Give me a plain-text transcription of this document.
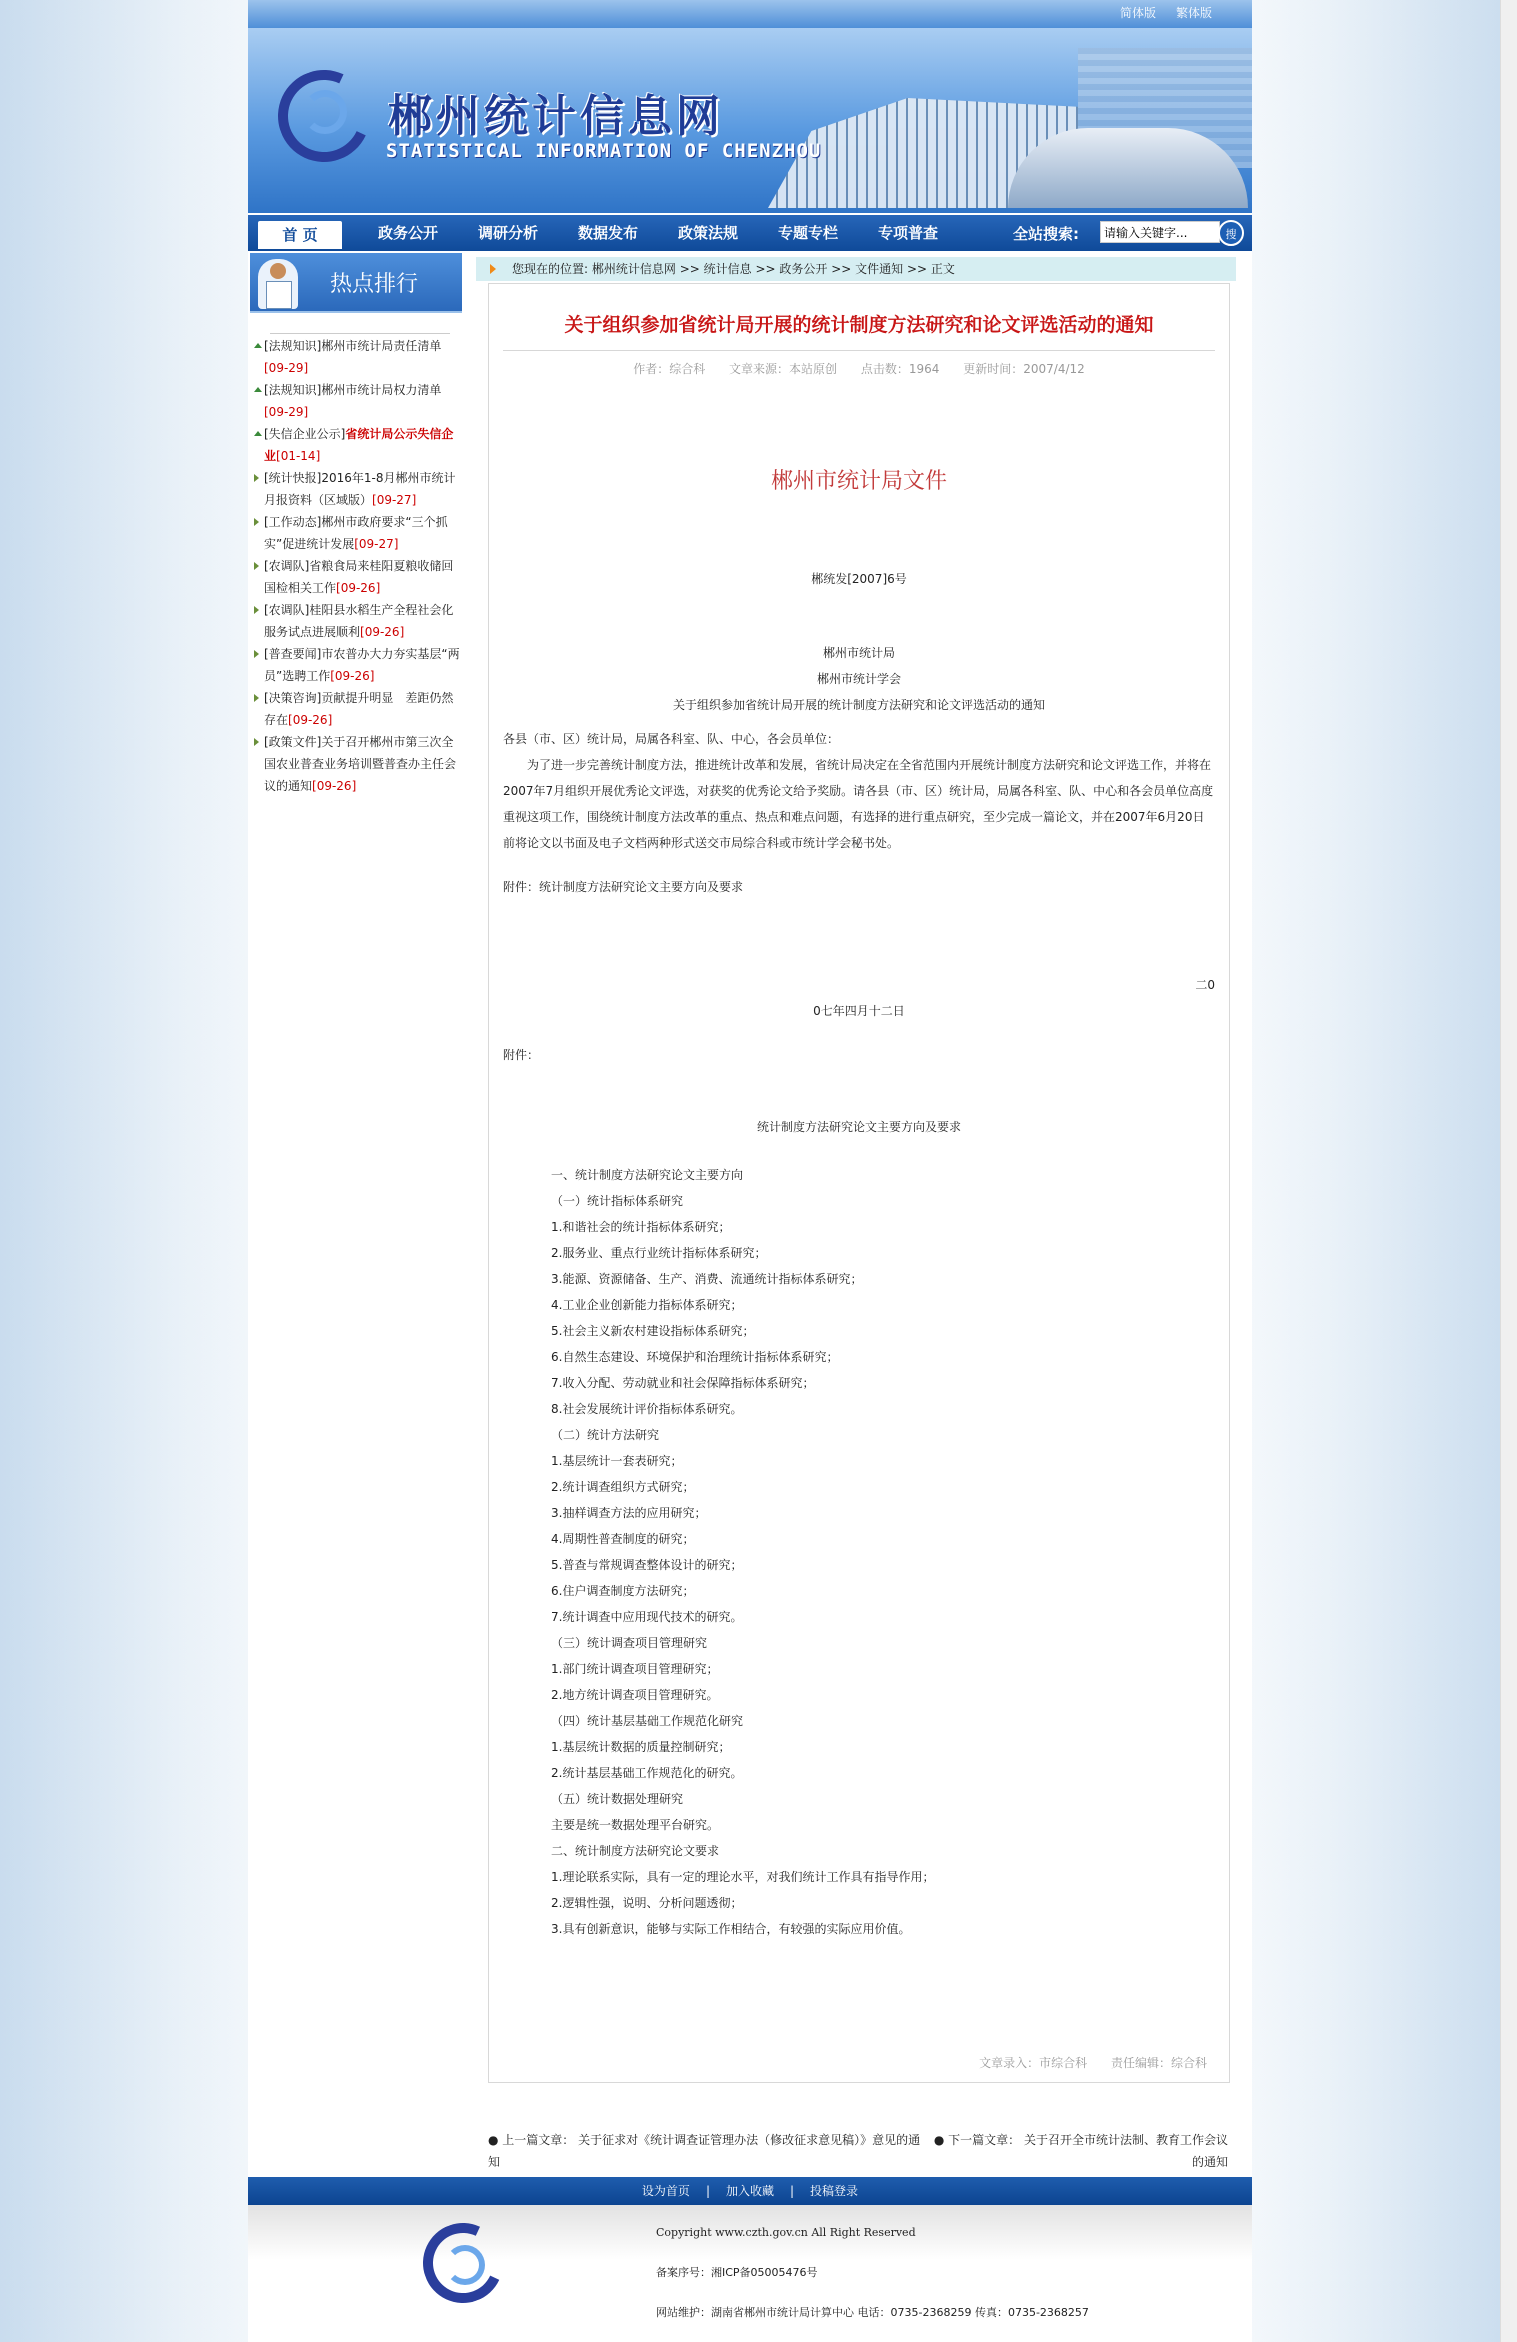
简体版 繁体版
郴州统计信息网
STATISTICAL INFORMATION OF CHENZHOU
首 页	政务公开	调研分析	数据发布	政策法规	专题专栏	专项普查	全站搜索:
请输入关键字...	搜
热点排行
[法规知识]郴州市统计局责任清单[09-29]
[法规知识]郴州市统计局权力清单[09-29]
[失信企业公示]省统计局公示失信企业[01-14]
[统计快报]2016年1-8月郴州市统计月报资料（区域版）[09-27]
[工作动态]郴州市政府要求“三个抓实”促进统计发展[09-27]
[农调队]省粮食局来桂阳夏粮收储回国检相关工作[09-26]
[农调队]桂阳县水稻生产全程社会化服务试点进展顺利[09-26]
[普查要闻]市农普办大力夯实基层“两员”选聘工作[09-26]
[决策咨询]贡献提升明显　差距仍然存在[09-26]
[政策文件]关于召开郴州市第三次全国农业普查业务培训暨普查办主任会议的通知[09-26]
您现在的位置: 郴州统计信息网 >> 统计信息 >> 政务公开 >> 文件通知 >> 正文
关于组织参加省统计局开展的统计制度方法研究和论文评选活动的通知
作者：综合科 文章来源：本站原创 点击数：1964 更新时间：2007/4/12
郴州市统计局文件
郴统发[2007]6号
郴州市统计局
郴州市统计学会
关于组织参加省统计局开展的统计制度方法研究和论文评选活动的通知

各县（市、区）统计局，局属各科室、队、中心，各会员单位：

为了进一步完善统计制度方法，推进统计改革和发展，省统计局决定在全省范围内开展统计制度方法研究和论文评选工作，并将在2007年7月组织开展优秀论文评选，对获奖的优秀论文给予奖励。请各县（市、区）统计局，局属各科室、队、中心和各会员单位高度重视这项工作，围绕统计制度方法改革的重点、热点和难点问题，有选择的进行重点研究，至少完成一篇论文，并在2007年6月20日前将论文以书面及电子文档两种形式送交市局综合科或市统计学会秘书处。

附件：统计制度方法研究论文主要方向及要求

二0
0七年四月十二日
附件：
统计制度方法研究论文主要方向及要求

一、统计制度方法研究论文主要方向

（一）统计指标体系研究

1.和谐社会的统计指标体系研究；

2.服务业、重点行业统计指标体系研究；

3.能源、资源储备、生产、消费、流通统计指标体系研究；

4.工业企业创新能力指标体系研究；

5.社会主义新农村建设指标体系研究；

6.自然生态建设、环境保护和治理统计指标体系研究；

7.收入分配、劳动就业和社会保障指标体系研究；

8.社会发展统计评价指标体系研究。

（二）统计方法研究

1.基层统计一套表研究；

2.统计调查组织方式研究；

3.抽样调查方法的应用研究；

4.周期性普查制度的研究；

5.普查与常规调查整体设计的研究；

6.住户调查制度方法研究；

7.统计调查中应用现代技术的研究。

（三）统计调查项目管理研究

1.部门统计调查项目管理研究；

2.地方统计调查项目管理研究。

（四）统计基层基础工作规范化研究

1.基层统计数据的质量控制研究；

2.统计基层基础工作规范化的研究。

（五）统计数据处理研究

主要是统一数据处理平台研究。

二、统计制度方法研究论文要求

1.理论联系实际，具有一定的理论水平，对我们统计工作具有指导作用；

2.逻辑性强，说明、分析问题透彻；

3.具有创新意识，能够与实际工作相结合，有较强的实际应用价值。

文章录入：市综合科 责任编辑：综合科
● 上一篇文章： 关于征求对《统计调查证管理办法（修改征求意见稿）》意见的通知
● 下一篇文章： 关于召开全市统计法制、教育工作会议的通知
设为首页 | 加入收藏 | 投稿登录

Copyright www.czth.gov.cn All Right Reserved

备案序号：湘ICP备05005476号

网站维护：湖南省郴州市统计局计算中心 电话：0735-2368259 传真：0735-2368257
